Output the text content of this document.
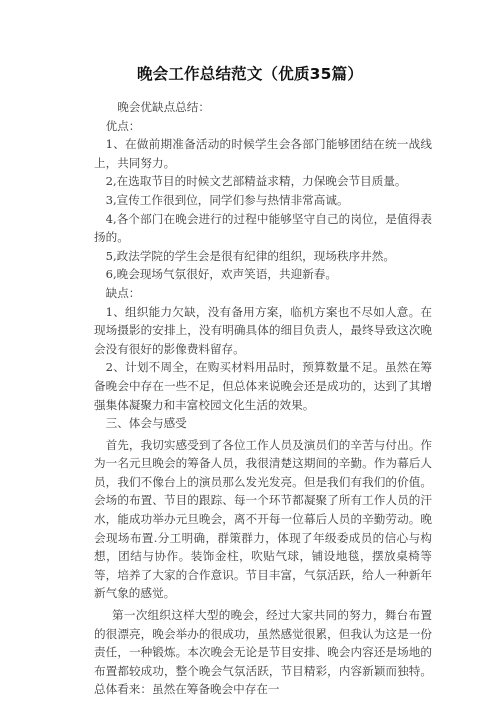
晚会工作总结范文（优质35篇）

晚会优缺点总结：

优点：

1、在做前期准备活动的时候学生会各部门能够团结在统一战线上，共同努力。

2,在选取节目的时候文艺部精益求精，力保晚会节目质量。

3,宣传工作很到位，同学们参与热情非常高诚。

4,各个部门在晚会进行的过程中能够坚守自己的岗位，是值得表扬的。

5,政法学院的学生会是很有纪律的组织，现场秩序井然。

6,晚会现场气氛很好，欢声笑语，共迎新春。

缺点：

1、组织能力欠缺，没有备用方案，临机方案也不尽如人意。在现场摄影的安排上，没有明确具体的细目负责人，最终导致这次晚会没有很好的影像费料留存。

2、计划不周全，在购买材料用品时，预算数量不足。虽然在筹备晚会中存在一些不足，但总体来说晚会还是成功的，达到了其增强集体凝聚力和丰富校园文化生活的效果。

三、体会与感受

首先，我切实感受到了各位工作人员及演员们的辛苦与付出。作为一名元旦晚会的筹备人员，我很清楚这期间的辛勤。作为幕后人员，我们不像台上的演员那么发光发亮。但是我们有我们的价值。会场的布置、节目的跟踪、每一个环节都凝聚了所有工作人员的汗水，能成功举办元旦晚会，离不开每一位幕后人员的辛勤劳动。晚会现场布置.分工明确，群策群力，体现了年级委成员的信心与构想，团结与协作。装饰金柱，吹贴气球，铺设地毯，摆放桌椅等等，培养了大家的合作意识。节目丰富，气氛活跃，给人一种新年新气象的感觉。

第一次组织这样大型的晚会，经过大家共同的努力，舞台布置的很漂亮，晚会举办的很成功，虽然感觉很累，但我认为这是一份责任，一种锻炼。本次晚会无论是节目安排、晚会内容还是场地的布置都较成功，整个晚会气氛活跃，节目精彩，内容新颖而独特。总体看来：虽然在筹备晚会中存在一
